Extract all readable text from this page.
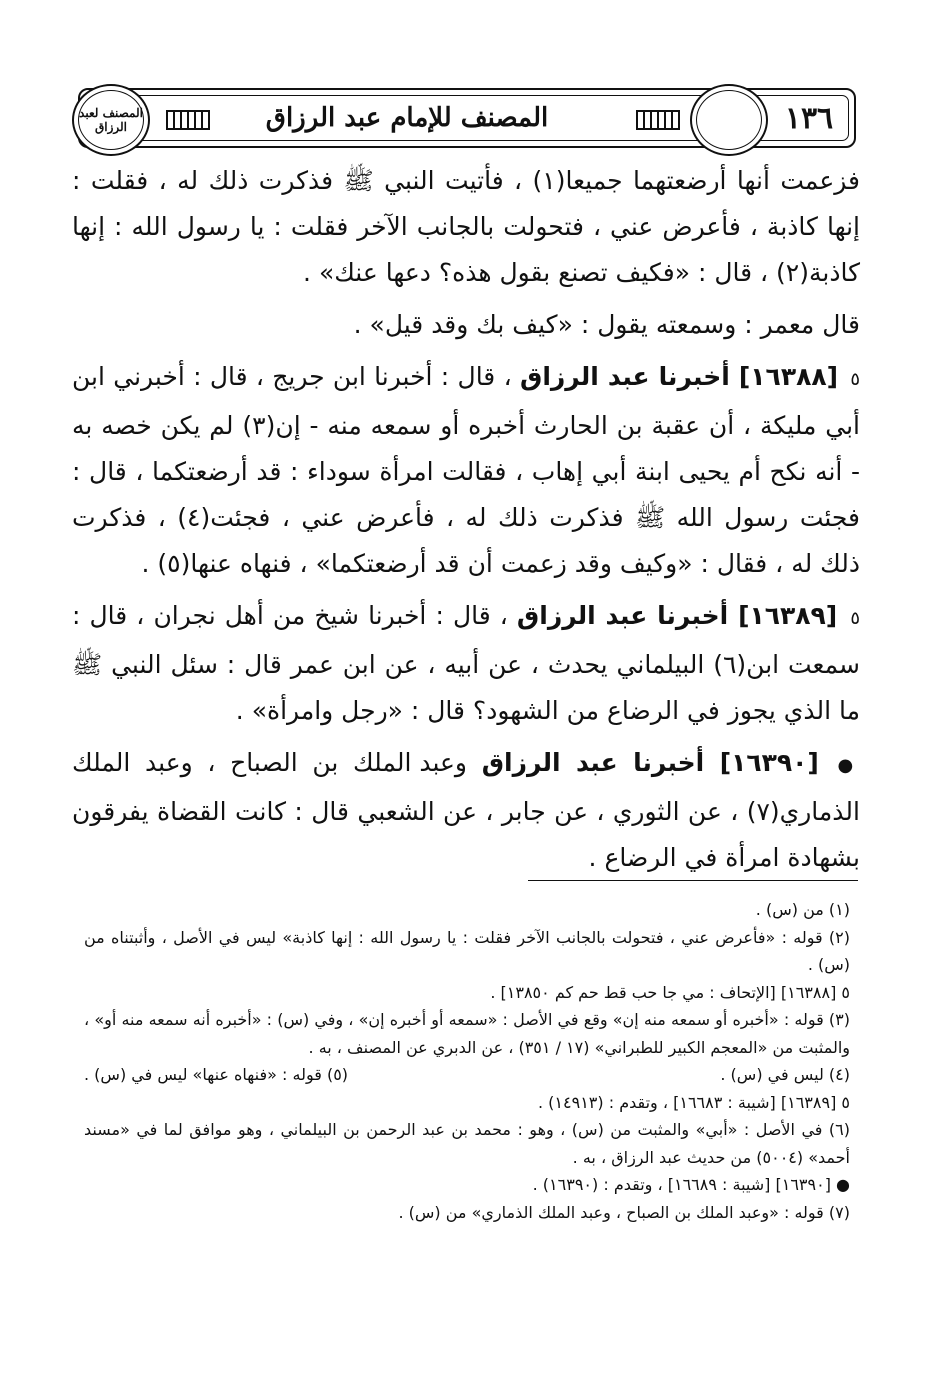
المصنف لعبد الرزاق	١٣٦
المصنف للإمام عبد الرزاق

فزعمت أنها أرضعتهما جميعا(١) ، فأتيت النبي ﷺ فذكرت ذلك له ، فقلت : إنها كاذبة ، فأعرض عني ، فتحولت بالجانب الآخر فقلت : يا رسول الله : إنها كاذبة(٢) ، قال : «فكيف تصنع بقول هذه؟ دعها عنك» .

قال معمر : وسمعته يقول : «كيف بك وقد قيل» .

٥ [١٦٣٨٨] أخبرنا عبد الرزاق ، قال : أخبرنا ابن جريج ، قال : أخبرني ابن أبي مليكة ، أن عقبة بن الحارث أخبره أو سمعه منه - إن(٣) لم يكن خصه به - أنه نكح أم يحيى ابنة أبي إهاب ، فقالت امرأة سوداء : قد أرضعتكما ، قال : فجئت رسول الله ﷺ فذكرت ذلك له ، فأعرض عني ، فجئت(٤) ، فذكرت ذلك له ، فقال : «وكيف وقد زعمت أن قد أرضعتكما» ، فنهاه عنها(٥) .

٥ [١٦٣٨٩] أخبرنا عبد الرزاق ، قال : أخبرنا شيخ من أهل نجران ، قال : سمعت ابن(٦) البيلماني يحدث ، عن أبيه ، عن ابن عمر قال : سئل النبي ﷺ ما الذي يجوز في الرضاع من الشهود؟ قال : «رجل وامرأة» .

● [١٦٣٩٠] أخبرنا عبد الرزاق وعبد الملك بن الصباح ، وعبد الملك الذماري(٧) ، عن الثوري ، عن جابر ، عن الشعبي قال : كانت القضاة يفرقون بشهادة امرأة في الرضاع .

(١) من (س) .

(٢) قوله : «فأعرض عني ، فتحولت بالجانب الآخر فقلت : يا رسول الله : إنها كاذبة» ليس في الأصل ، وأثبتناه من (س) .

٥ [١٦٣٨٨] [الإتحاف : مي جا حب قط حم كم ١٣٨٥٠] .

(٣) قوله : «أخبره أو سمعه منه إن» وقع في الأصل : «سمعه أو أخبره إن» ، وفي (س) : «أخبره أنه سمعه منه أو» ، والمثبت من «المعجم الكبير للطبراني» (١٧ / ٣٥١) ، عن الدبري عن المصنف ، به .

(٤) ليس في (س) .
(٥) قوله : «فنهاه عنها» ليس في (س) .

٥ [١٦٣٨٩] [شيبة : ١٦٦٨٣] ، وتقدم : (١٤٩١٣) .

(٦) في الأصل : «أبي» والمثبت من (س) ، وهو : محمد بن عبد الرحمن بن البيلماني ، وهو موافق لما في «مسند أحمد» (٥٠٠٤) من حديث عبد الرزاق ، به .

● [١٦٣٩٠] [شيبة : ١٦٦٨٩] ، وتقدم : (١٦٣٩٠) .

(٧) قوله : «وعبد الملك بن الصباح ، وعبد الملك الذماري» من (س) .
